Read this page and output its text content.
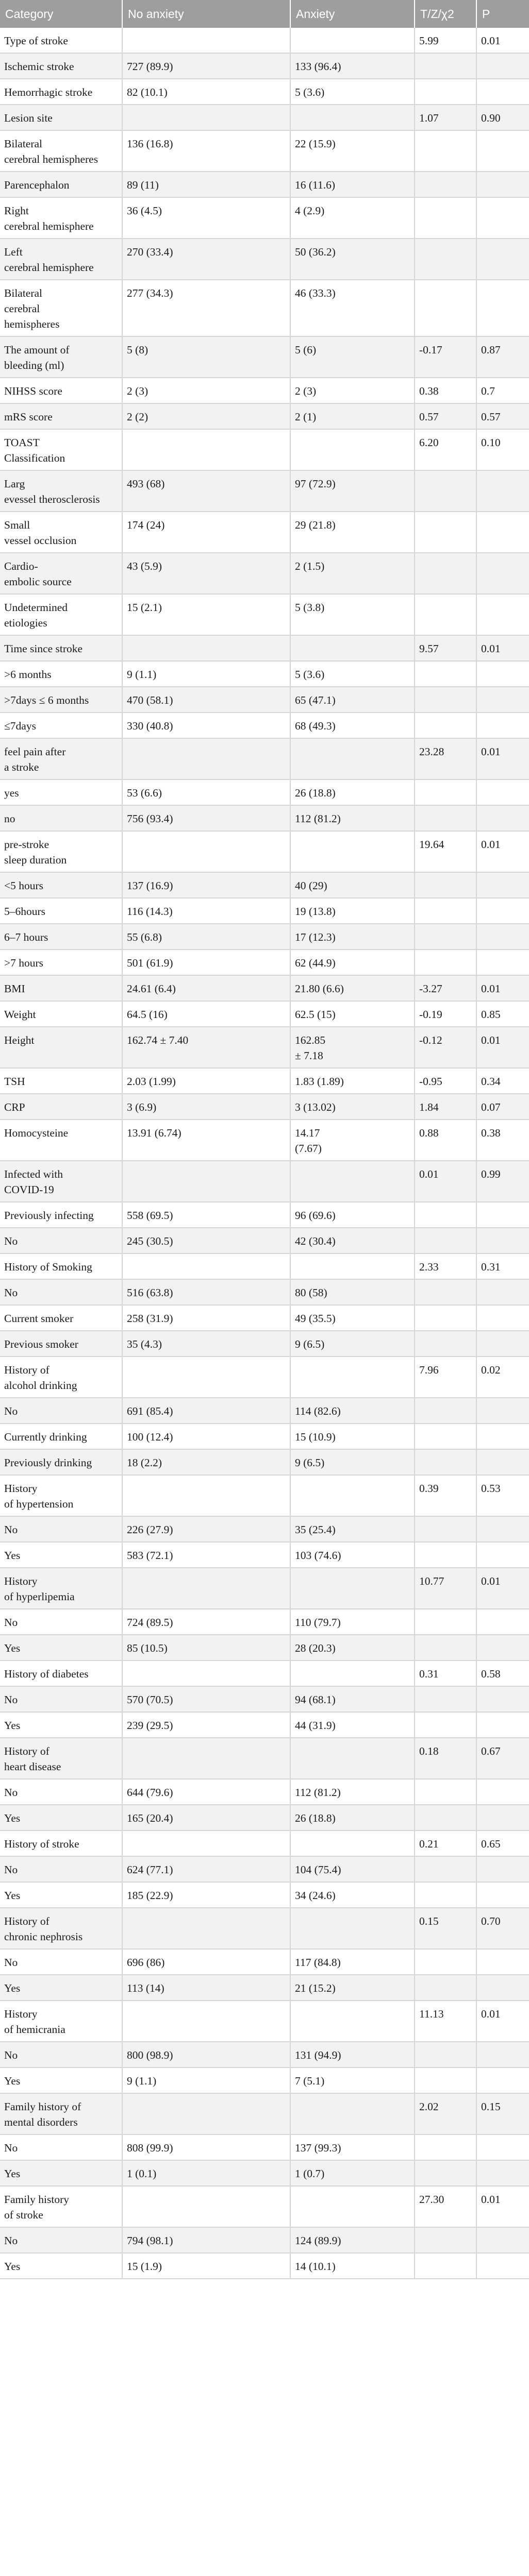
Category	No anxiety	Anxiety	T/Z/χ2	P
Type of stroke			5.99	0.01
Ischemic stroke	727 (89.9)	133 (96.4)		
Hemorrhagic stroke	82 (10.1)	5 (3.6)		
Lesion site			1.07	0.90
Bilateral
cerebral hemispheres	136 (16.8)	22 (15.9)		
Parencephalon	89 (11)	16 (11.6)		
Right
cerebral hemisphere	36 (4.5)	4 (2.9)		
Left
cerebral hemisphere	270 (33.4)	50 (36.2)		
Bilateral
cerebral
hemispheres	277 (34.3)	46 (33.3)		
The amount of
bleeding (ml)	5 (8)	5 (6)	-0.17	0.87
NIHSS score	2 (3)	2 (3)	0.38	0.7
mRS score	2 (2)	2 (1)	0.57	0.57
TOAST
Classification			6.20	0.10
Larg
evessel therosclerosis	493 (68)	97 (72.9)		
Small
vessel occlusion	174 (24)	29 (21.8)		
Cardio-
embolic source	43 (5.9)	2 (1.5)		
Undetermined
etiologies	15 (2.1)	5 (3.8)		
Time since stroke			9.57	0.01
>6 months	9 (1.1)	5 (3.6)		
>7days ≤ 6 months	470 (58.1)	65 (47.1)		
≤7days	330 (40.8)	68 (49.3)		
feel pain after
a stroke			23.28	0.01
yes	53 (6.6)	26 (18.8)		
no	756 (93.4)	112 (81.2)		
pre-stroke
sleep duration			19.64	0.01
<5 hours	137 (16.9)	40 (29)		
5–6hours	116 (14.3)	19 (13.8)		
6–7 hours	55 (6.8)	17 (12.3)		
>7 hours	501 (61.9)	62 (44.9)		
BMI	24.61 (6.4)	21.80 (6.6)	-3.27	0.01
Weight	64.5 (16)	62.5 (15)	-0.19	0.85
Height	162.74 ± 7.40	162.85
± 7.18	-0.12	0.01
TSH	2.03 (1.99)	1.83 (1.89)	-0.95	0.34
CRP	3 (6.9)	3 (13.02)	1.84	0.07
Homocysteine	13.91 (6.74)	14.17
(7.67)	0.88	0.38
Infected with
COVID-19			0.01	0.99
Previously infecting	558 (69.5)	96 (69.6)		
No	245 (30.5)	42 (30.4)		
History of Smoking			2.33	0.31
No	516 (63.8)	80 (58)		
Current smoker	258 (31.9)	49 (35.5)		
Previous smoker	35 (4.3)	9 (6.5)		
History of
alcohol drinking			7.96	0.02
No	691 (85.4)	114 (82.6)		
Currently drinking	100 (12.4)	15 (10.9)		
Previously drinking	18 (2.2)	9 (6.5)		
History
of hypertension			0.39	0.53
No	226 (27.9)	35 (25.4)		
Yes	583 (72.1)	103 (74.6)		
History
of hyperlipemia			10.77	0.01
No	724 (89.5)	110 (79.7)		
Yes	85 (10.5)	28 (20.3)		
History of diabetes			0.31	0.58
No	570 (70.5)	94 (68.1)		
Yes	239 (29.5)	44 (31.9)		
History of
heart disease			0.18	0.67
No	644 (79.6)	112 (81.2)		
Yes	165 (20.4)	26 (18.8)		
History of stroke			0.21	0.65
No	624 (77.1)	104 (75.4)		
Yes	185 (22.9)	34 (24.6)		
History of
chronic nephrosis			0.15	0.70
No	696 (86)	117 (84.8)		
Yes	113 (14)	21 (15.2)		
History
of hemicrania			11.13	0.01
No	800 (98.9)	131 (94.9)		
Yes	9 (1.1)	7 (5.1)		
Family history of
mental disorders			2.02	0.15
No	808 (99.9)	137 (99.3)		
Yes	1 (0.1)	1 (0.7)		
Family history
of stroke			27.30	0.01
No	794 (98.1)	124 (89.9)		
Yes	15 (1.9)	14 (10.1)		
